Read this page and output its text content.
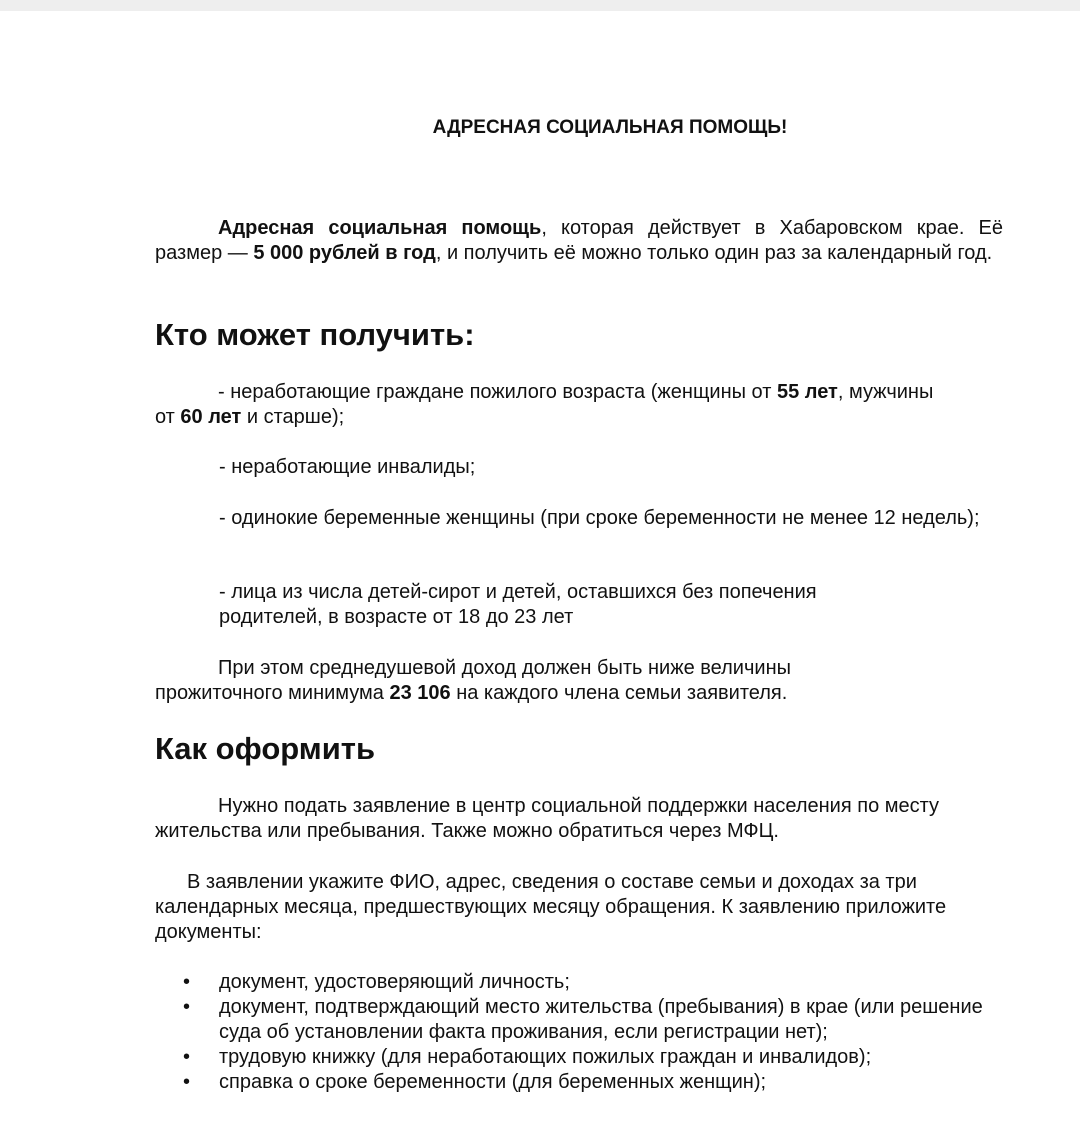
АДРЕСНАЯ СОЦИАЛЬНАЯ ПОМОЩЬ!

Адресная социальная помощь, которая действует в Хабаровском крае. Её размер — 5 000 рублей в год, и получить её можно только один раз за календарный год.

Кто может получить:

- неработающие граждане пожилого возраста (женщины от 55 лет, мужчины от 60 лет и старше);

- неработающие инвалиды;

- одинокие беременные женщины (при сроке беременности не менее 12 недель);

- лица из числа детей-сирот и детей, оставшихся без попечения родителей, в возрасте от 18 до 23 лет

При этом среднедушевой доход должен быть ниже величины прожиточного минимума 23 106 на каждого члена семьи заявителя.

Как оформить

Нужно подать заявление в центр социальной поддержки населения по месту жительства или пребывания. Также можно обратиться через МФЦ.

В заявлении укажите ФИО, адрес, сведения о составе семьи и доходах за три календарных месяца, предшествующих месяцу обращения. К заявлению приложите документы:

• документ, удостоверяющий личность;
• документ, подтверждающий место жительства (пребывания) в крае (или решение суда об установлении факта проживания, если регистрации нет);
• трудовую книжку (для неработающих пожилых граждан и инвалидов);
• справка о сроке беременности (для беременных женщин);
